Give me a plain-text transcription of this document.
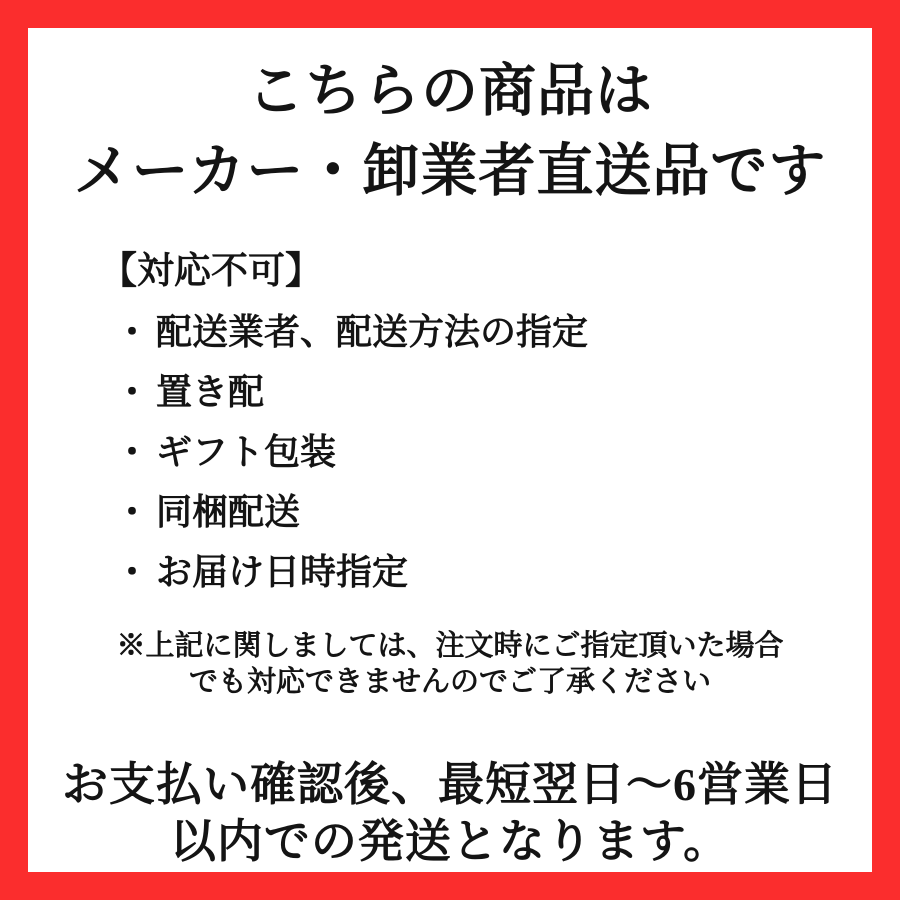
こちらの商品は
メーカー・卸業者直送品です
【対応不可】
・ 配送業者、配送方法の指定
・ 置き配
・ ギフト包装
・ 同梱配送
・ お届け日時指定
※上記に関しましては、注文時にご指定頂いた場合
でも対応できませんのでご了承ください
お支払い確認後、最短翌日〜6営業日
以内での発送となります。
